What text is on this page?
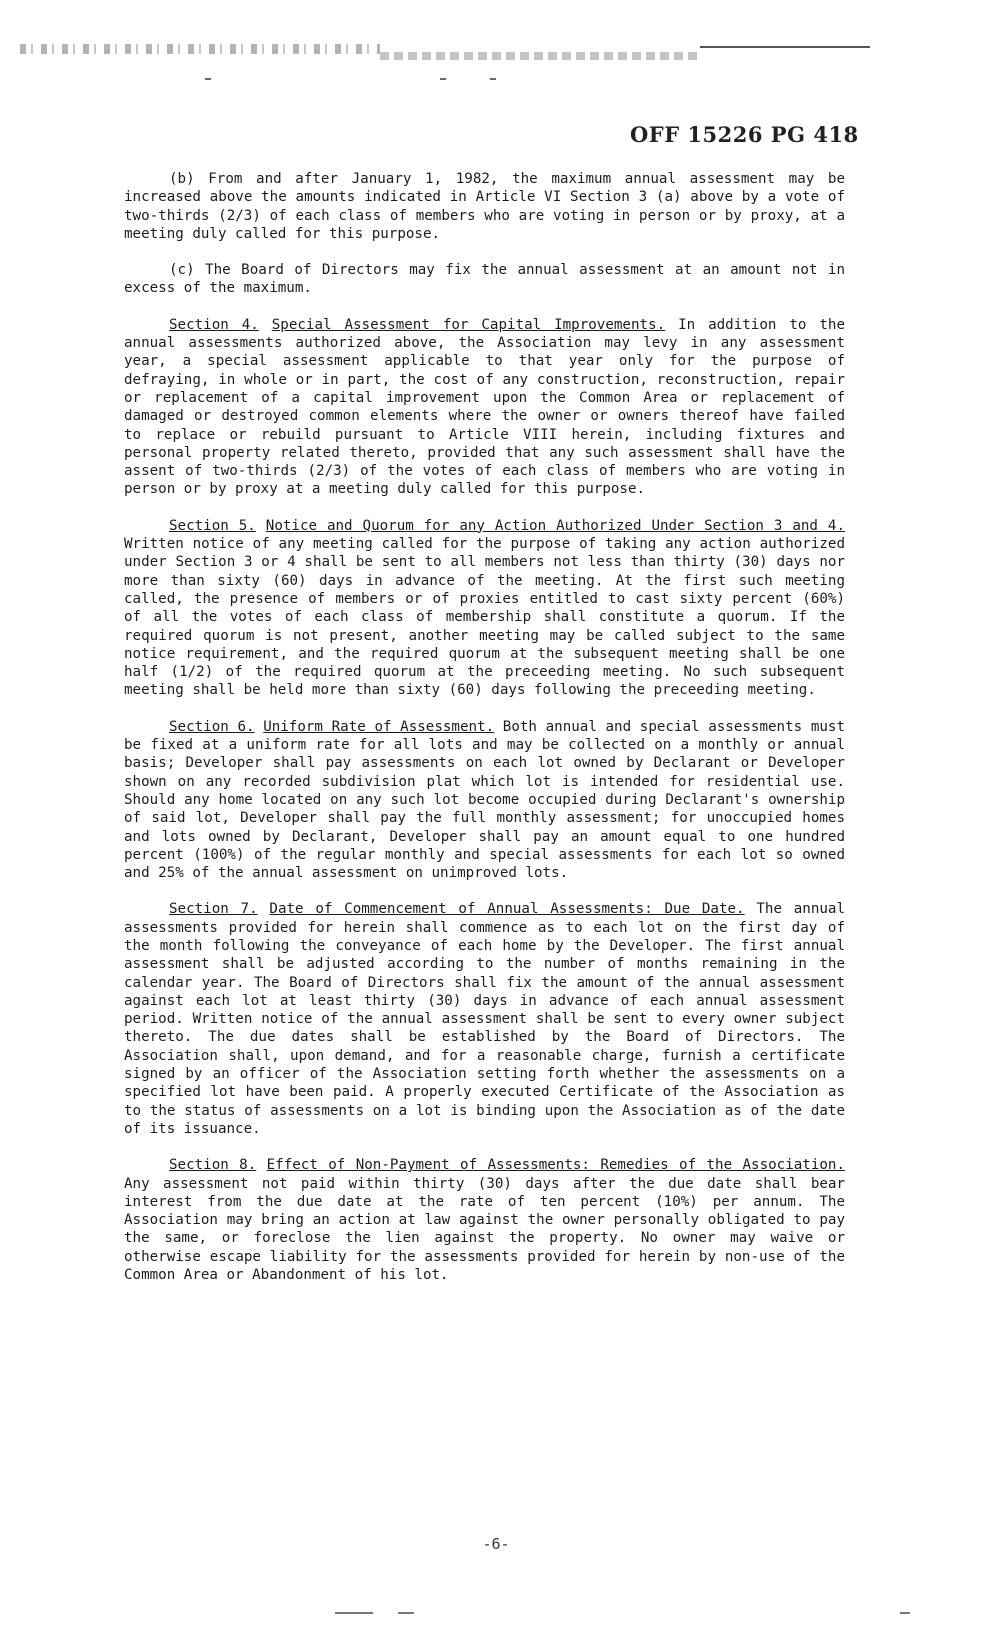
OFF 15226 PG 418

(b) From and after January 1, 1982, the maximum annual assessment may be increased above the amounts indicated in Article VI Section 3 (a) above by a vote of two-thirds (2/3) of each class of members who are voting in person or by proxy, at a meeting duly called for this purpose.

(c) The Board of Directors may fix the annual assessment at an amount not in excess of the maximum.

Section 4. Special Assessment for Capital Improvements. In addition to the annual assessments authorized above, the Association may levy in any assessment year, a special assessment applicable to that year only for the purpose of defraying, in whole or in part, the cost of any construction, reconstruction, repair or replacement of a capital improvement upon the Common Area or replacement of damaged or destroyed common elements where the owner or owners thereof have failed to replace or rebuild pursuant to Article VIII herein, including fixtures and personal property related thereto, provided that any such assessment shall have the assent of two-thirds (2/3) of the votes of each class of members who are voting in person or by proxy at a meeting duly called for this purpose.

Section 5. Notice and Quorum for any Action Authorized Under Section 3 and 4. Written notice of any meeting called for the purpose of taking any action authorized under Section 3 or 4 shall be sent to all members not less than thirty (30) days nor more than sixty (60) days in advance of the meeting. At the first such meeting called, the presence of members or of proxies entitled to cast sixty percent (60%) of all the votes of each class of membership shall constitute a quorum. If the required quorum is not present, another meeting may be called subject to the same notice requirement, and the required quorum at the subsequent meeting shall be one half (1/2) of the required quorum at the preceeding meeting. No such subsequent meeting shall be held more than sixty (60) days following the preceeding meeting.

Section 6. Uniform Rate of Assessment. Both annual and special assessments must be fixed at a uniform rate for all lots and may be collected on a monthly or annual basis; Developer shall pay assessments on each lot owned by Declarant or Developer shown on any recorded subdivision plat which lot is intended for residential use. Should any home located on any such lot become occupied during Declarant's ownership of said lot, Developer shall pay the full monthly assessment; for unoccupied homes and lots owned by Declarant, Developer shall pay an amount equal to one hundred percent (100%) of the regular monthly and special assessments for each lot so owned and 25% of the annual assessment on unimproved lots.

Section 7. Date of Commencement of Annual Assessments: Due Date. The annual assessments provided for herein shall commence as to each lot on the first day of the month following the conveyance of each home by the Developer. The first annual assessment shall be adjusted according to the number of months remaining in the calendar year. The Board of Directors shall fix the amount of the annual assessment against each lot at least thirty (30) days in advance of each annual assessment period. Written notice of the annual assessment shall be sent to every owner subject thereto. The due dates shall be established by the Board of Directors. The Association shall, upon demand, and for a reasonable charge, furnish a certificate signed by an officer of the Association setting forth whether the assessments on a specified lot have been paid. A properly executed Certificate of the Association as to the status of assessments on a lot is binding upon the Association as of the date of its issuance.

Section 8. Effect of Non-Payment of Assessments: Remedies of the Association. Any assessment not paid within thirty (30) days after the due date shall bear interest from the due date at the rate of ten percent (10%) per annum. The Association may bring an action at law against the owner personally obligated to pay the same, or foreclose the lien against the property. No owner may waive or otherwise escape liability for the assessments provided for herein by non-use of the Common Area or Abandonment of his lot.

-6-
